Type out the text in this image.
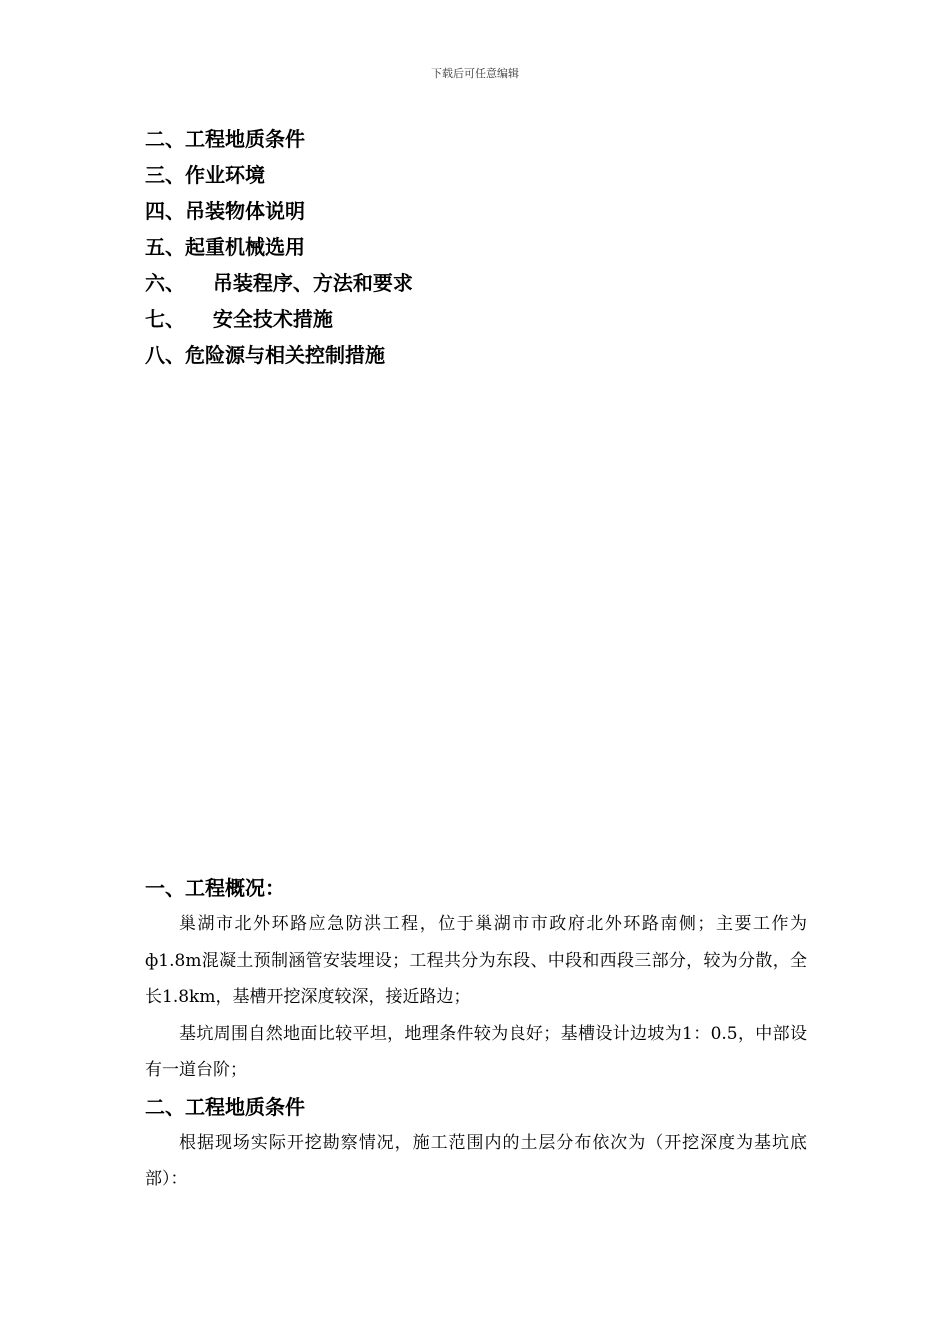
下载后可任意编辑
二、工程地质条件
三、作业环境
四、吊装物体说明
五、起重机械选用
六、    吊装程序、方法和要求
七、    安全技术措施
八、危险源与相关控制措施
一、工程概况：

巢湖市北外环路应急防洪工程，位于巢湖市市政府北外环路南侧；主要工作为ф1.8m混凝土预制涵管安装埋设；工程共分为东段、中段和西段三部分，较为分散，全长1.8km，基槽开挖深度较深，接近路边；

基坑周围自然地面比较平坦，地理条件较为良好；基槽设计边坡为1：0.5，中部设有一道台阶；

二、工程地质条件

根据现场实际开挖勘察情况，施工范围内的土层分布依次为（开挖深度为基坑底部）：
